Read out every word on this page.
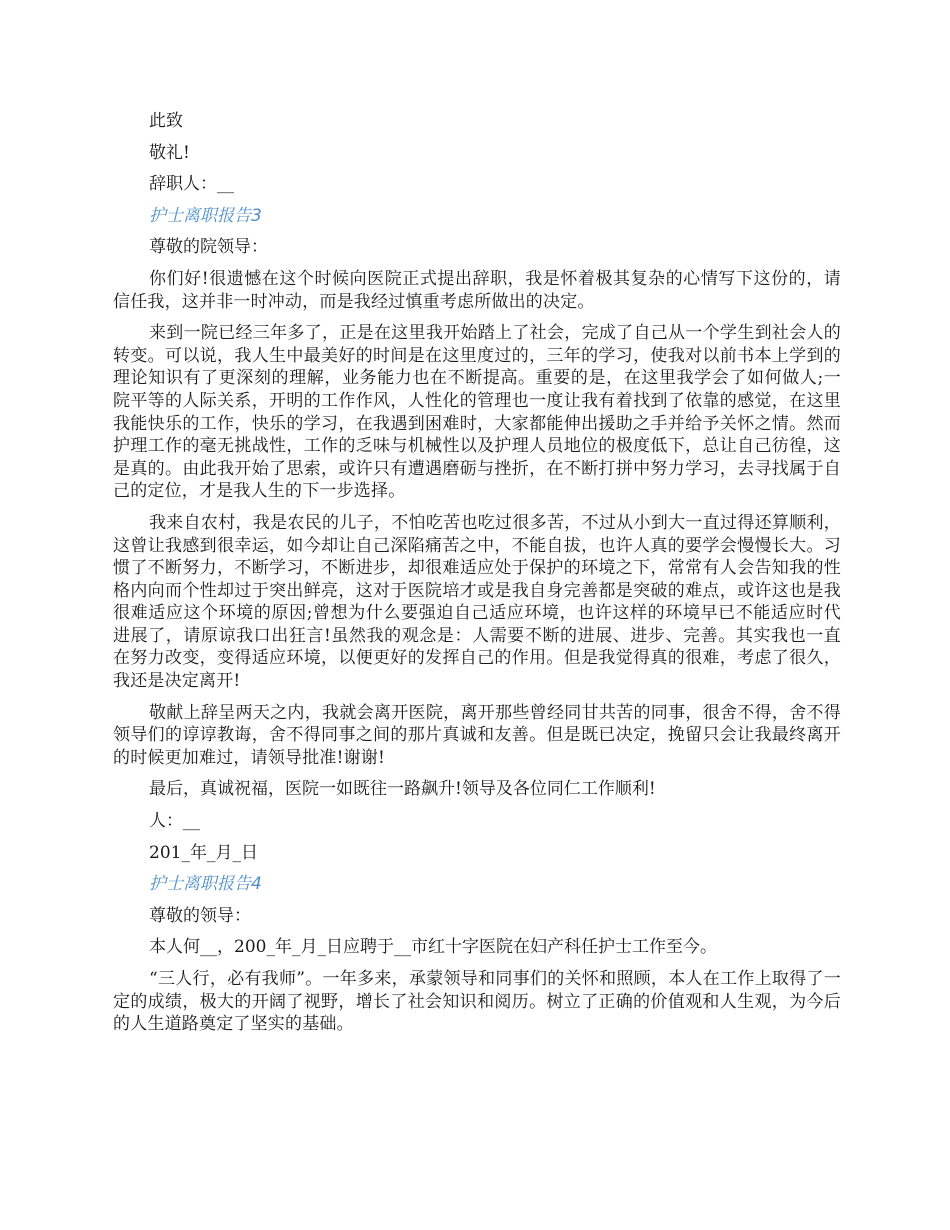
此致

敬礼!

辞职人：__

护士离职报告3

尊敬的院领导：

你们好!很遗憾在这个时候向医院正式提出辞职，我是怀着极其复杂的心情写下这份的，请信任我，这并非一时冲动，而是我经过慎重考虑所做出的决定。

来到一院已经三年多了，正是在这里我开始踏上了社会，完成了自己从一个学生到社会人的转变。可以说，我人生中最美好的时间是在这里度过的，三年的学习，使我对以前书本上学到的理论知识有了更深刻的理解，业务能力也在不断提高。重要的是，在这里我学会了如何做人;一院平等的人际关系，开明的工作作风，人性化的管理也一度让我有着找到了依靠的感觉，在这里我能快乐的工作，快乐的学习，在我遇到困难时，大家都能伸出援助之手并给予关怀之情。然而护理工作的毫无挑战性，工作的乏味与机械性以及护理人员地位的极度低下，总让自己彷徨，这是真的。由此我开始了思索，或许只有遭遇磨砺与挫折，在不断打拼中努力学习，去寻找属于自己的定位，才是我人生的下一步选择。

我来自农村，我是农民的儿子，不怕吃苦也吃过很多苦，不过从小到大一直过得还算顺利，这曾让我感到很幸运，如今却让自己深陷痛苦之中，不能自拔，也许人真的要学会慢慢长大。习惯了不断努力，不断学习，不断进步，却很难适应处于保护的环境之下，常常有人会告知我的性格内向而个性却过于突出鲜亮，这对于医院培才或是我自身完善都是突破的难点，或许这也是我很难适应这个环境的原因;曾想为什么要强迫自己适应环境，也许这样的环境早已不能适应时代进展了，请原谅我口出狂言!虽然我的观念是：人需要不断的进展、进步、完善。其实我也一直在努力改变，变得适应环境，以便更好的发挥自己的作用。但是我觉得真的很难，考虑了很久，我还是决定离开!

敬献上辞呈两天之内，我就会离开医院，离开那些曾经同甘共苦的同事，很舍不得，舍不得领导们的谆谆教诲，舍不得同事之间的那片真诚和友善。但是既已决定，挽留只会让我最终离开的时候更加难过，请领导批准!谢谢!

最后，真诚祝福，医院一如既往一路飙升!领导及各位同仁工作顺利!

人：__

201_年_月_日

护士离职报告4

尊敬的领导：

本人何__，200_年_月_日应聘于__市红十字医院在妇产科任护士工作至今。

“三人行，必有我师”。一年多来，承蒙领导和同事们的关怀和照顾，本人在工作上取得了一定的成绩，极大的开阔了视野，增长了社会知识和阅历。树立了正确的价值观和人生观，为今后的人生道路奠定了坚实的基础。
